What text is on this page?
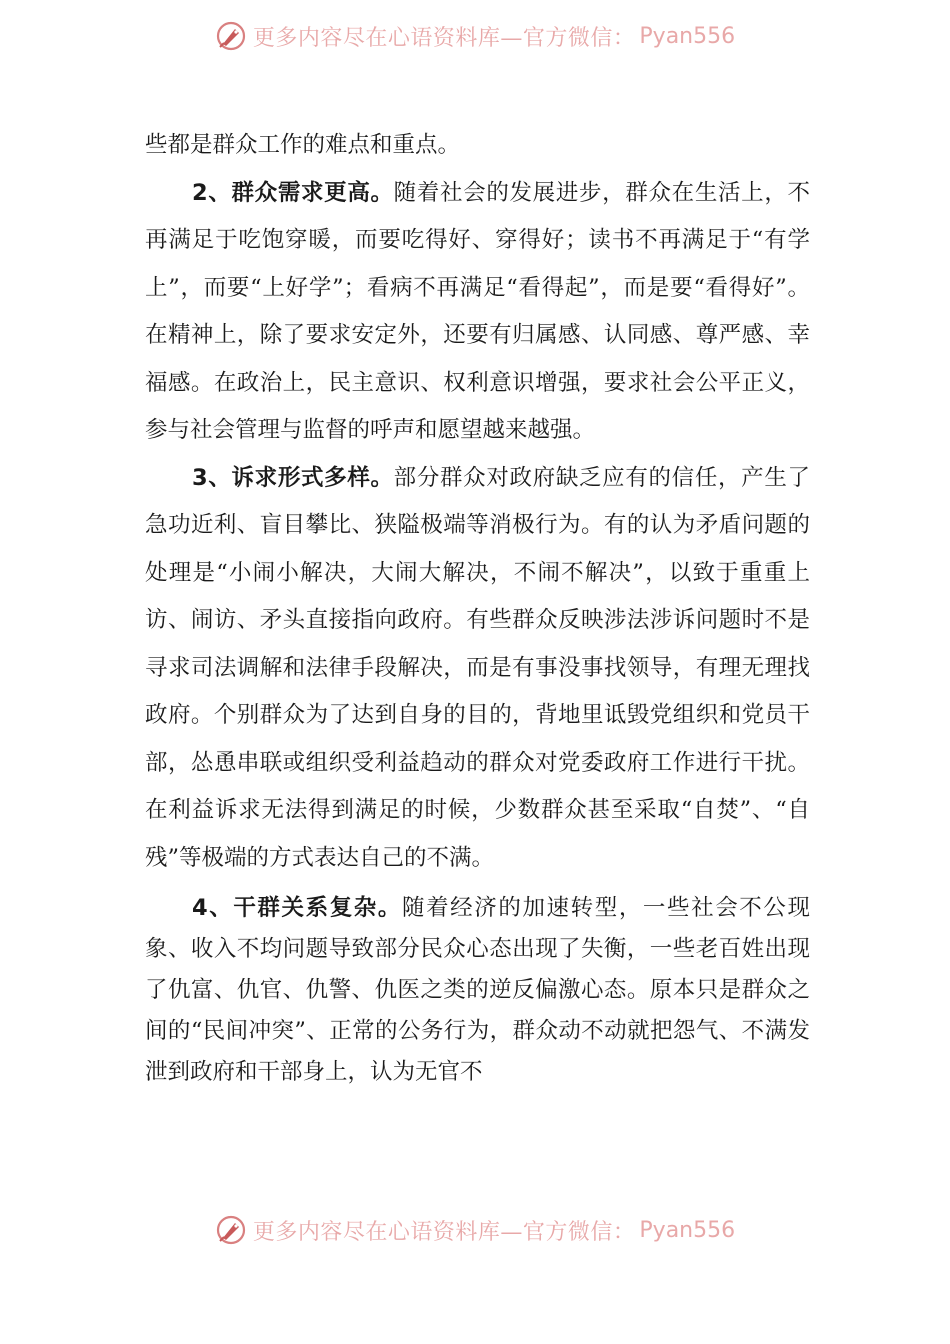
更多内容尽在心语资料库—官方微信： Pyan556

些都是群众工作的难点和重点。

2、群众需求更高。随着社会的发展进步，群众在生活上，不再满足于吃饱穿暖，而要吃得好、穿得好；读书不再满足于“有学上”，而要“上好学”；看病不再满足“看得起”，而是要“看得好”。在精神上，除了要求安定外，还要有归属感、认同感、尊严感、幸福感。在政治上，民主意识、权利意识增强，要求社会公平正义，参与社会管理与监督的呼声和愿望越来越强。

3、诉求形式多样。部分群众对政府缺乏应有的信任，产生了急功近利、盲目攀比、狭隘极端等消极行为。有的认为矛盾问题的处理是“小闹小解决，大闹大解决，不闹不解决”，以致于重重上访、闹访、矛头直接指向政府。有些群众反映涉法涉诉问题时不是寻求司法调解和法律手段解决，而是有事没事找领导，有理无理找政府。个别群众为了达到自身的目的，背地里诋毁党组织和党员干部，怂恿串联或组织受利益趋动的群众对党委政府工作进行干扰。在利益诉求无法得到满足的时候，少数群众甚至采取“自焚”、“自残”等极端的方式表达自己的不满。

4、干群关系复杂。随着经济的加速转型，一些社会不公现象、收入不均问题导致部分民众心态出现了失衡，一些老百姓出现了仇富、仇官、仇警、仇医之类的逆反偏激心态。原本只是群众之间的“民间冲突”、正常的公务行为，群众动不动就把怨气、不满发泄到政府和干部身上，认为无官不

更多内容尽在心语资料库—官方微信： Pyan556
